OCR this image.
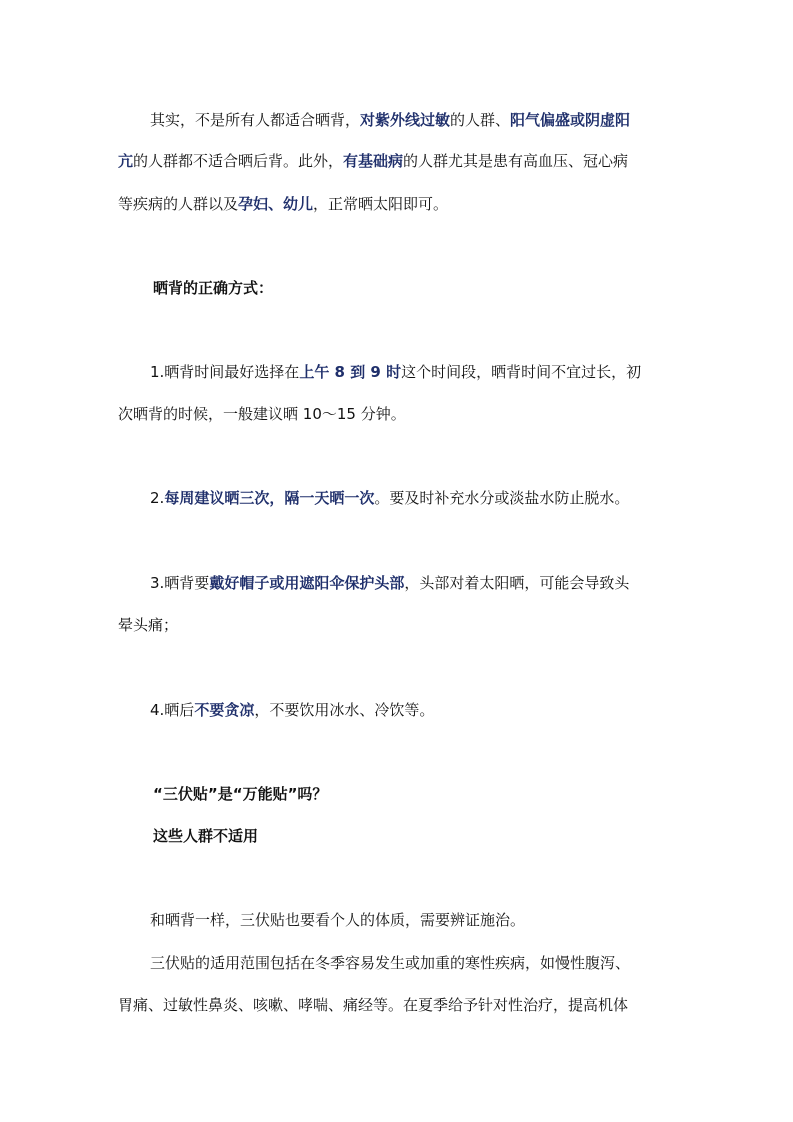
其实，不是所有人都适合晒背，对紫外线过敏的人群、阳气偏盛或阴虚阳

亢的人群都不适合晒后背。此外，有基础病的人群尤其是患有高血压、冠心病

等疾病的人群以及孕妇、幼儿，正常晒太阳即可。

晒背的正确方式：

1.晒背时间最好选择在上午 8 到 9 时这个时间段，晒背时间不宜过长，初

次晒背的时候，一般建议晒 10～15 分钟。

2.每周建议晒三次，隔一天晒一次。要及时补充水分或淡盐水防止脱水。

3.晒背要戴好帽子或用遮阳伞保护头部，头部对着太阳晒，可能会导致头

晕头痛；

4.晒后不要贪凉，不要饮用冰水、冷饮等。

“三伏贴”是“万能贴”吗？

这些人群不适用

和晒背一样，三伏贴也要看个人的体质，需要辨证施治。

三伏贴的适用范围包括在冬季容易发生或加重的寒性疾病，如慢性腹泻、

胃痛、过敏性鼻炎、咳嗽、哮喘、痛经等。在夏季给予针对性治疗，提高机体
